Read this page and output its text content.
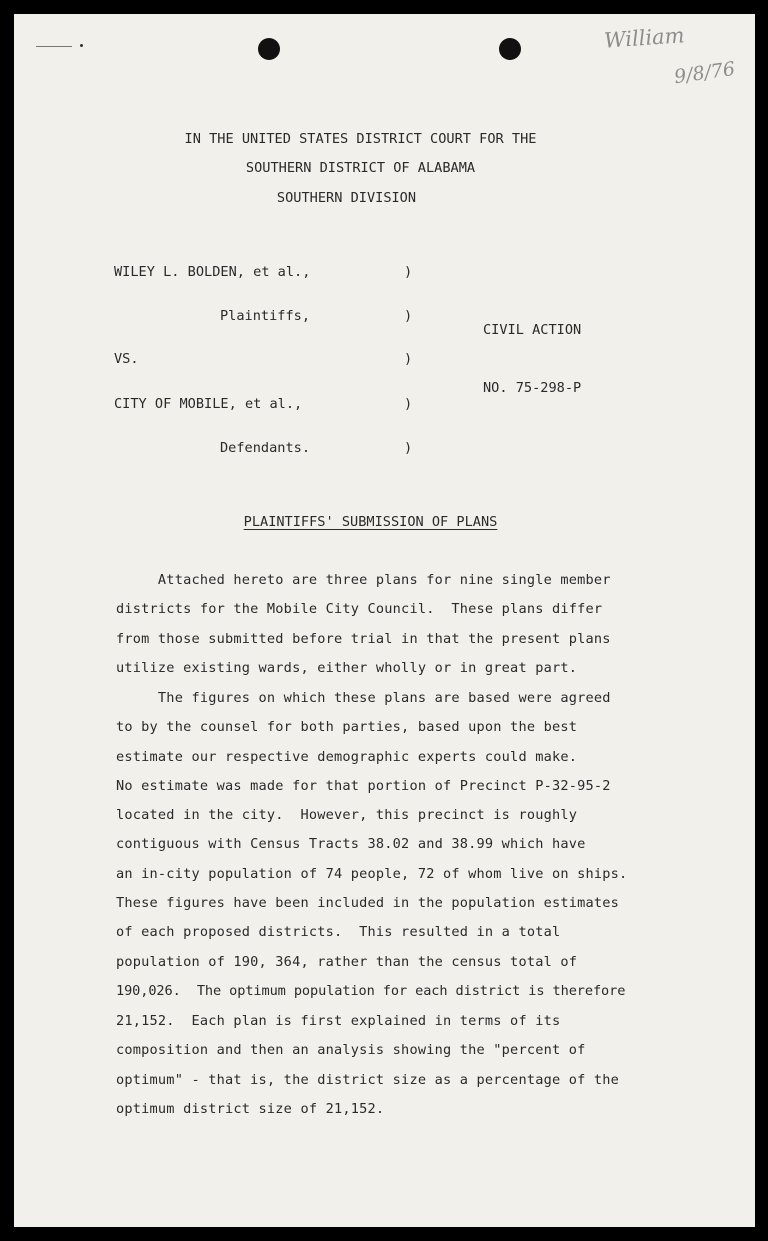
William
9/8/76
IN THE UNITED STATES DISTRICT COURT FOR THE
SOUTHERN DISTRICT OF ALABAMA
SOUTHERN DIVISION
WILEY L. BOLDEN, et al.,
Plaintiffs,
VS.
CITY OF MOBILE, et al.,
Defendants.
)
)
)
)
)
CIVIL ACTION
NO. 75-298-P
PLAINTIFFS' SUBMISSION OF PLANS
Attached hereto are three plans for nine single member
districts for the Mobile City Council.  These plans differ
from those submitted before trial in that the present plans
utilize existing wards, either wholly or in great part.
The figures on which these plans are based were agreed
to by the counsel for both parties, based upon the best
estimate our respective demographic experts could make.
No estimate was made for that portion of Precinct P-32-95-2
located in the city.  However, this precinct is roughly
contiguous with Census Tracts 38.02 and 38.99 which have
an in-city population of 74 people, 72 of whom live on ships.
These figures have been included in the population estimates
of each proposed districts.  This resulted in a total
population of 190, 364, rather than the census total of
190,026.  The optimum population for each district is therefore
21,152.  Each plan is first explained in terms of its
composition and then an analysis showing the "percent of
optimum" - that is, the district size as a percentage of the
optimum district size of 21,152.
